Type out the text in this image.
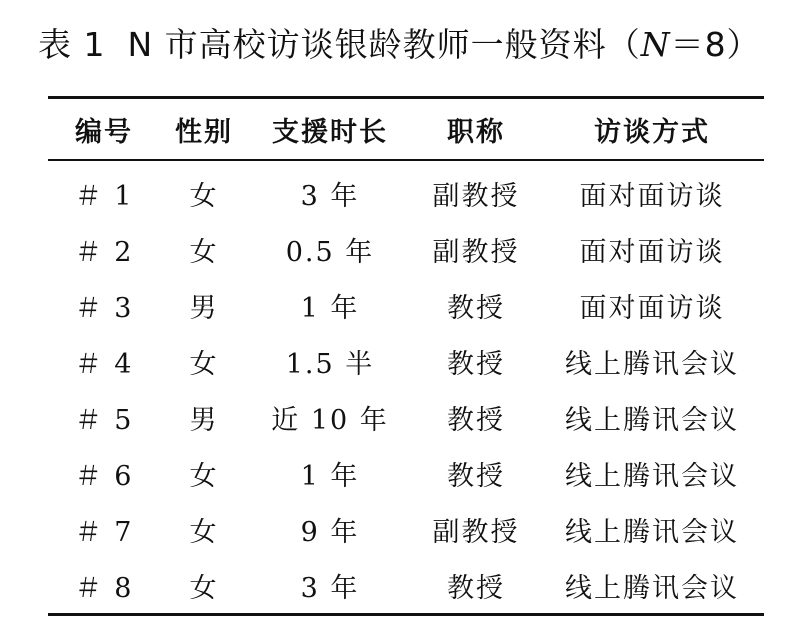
表 1 N 市高校访谈银龄教师一般资料（N＝8）
编号	性别	支援时长	职称	访谈方式
＃ 1	女	3 年	副教授	面对面访谈
＃ 2	女	0.5 年	副教授	面对面访谈
＃ 3	男	1 年	教授	面对面访谈
＃ 4	女	1.5 半	教授	线上腾讯会议
＃ 5	男	近 10 年	教授	线上腾讯会议
＃ 6	女	1 年	教授	线上腾讯会议
＃ 7	女	9 年	副教授	线上腾讯会议
＃ 8	女	3 年	教授	线上腾讯会议
